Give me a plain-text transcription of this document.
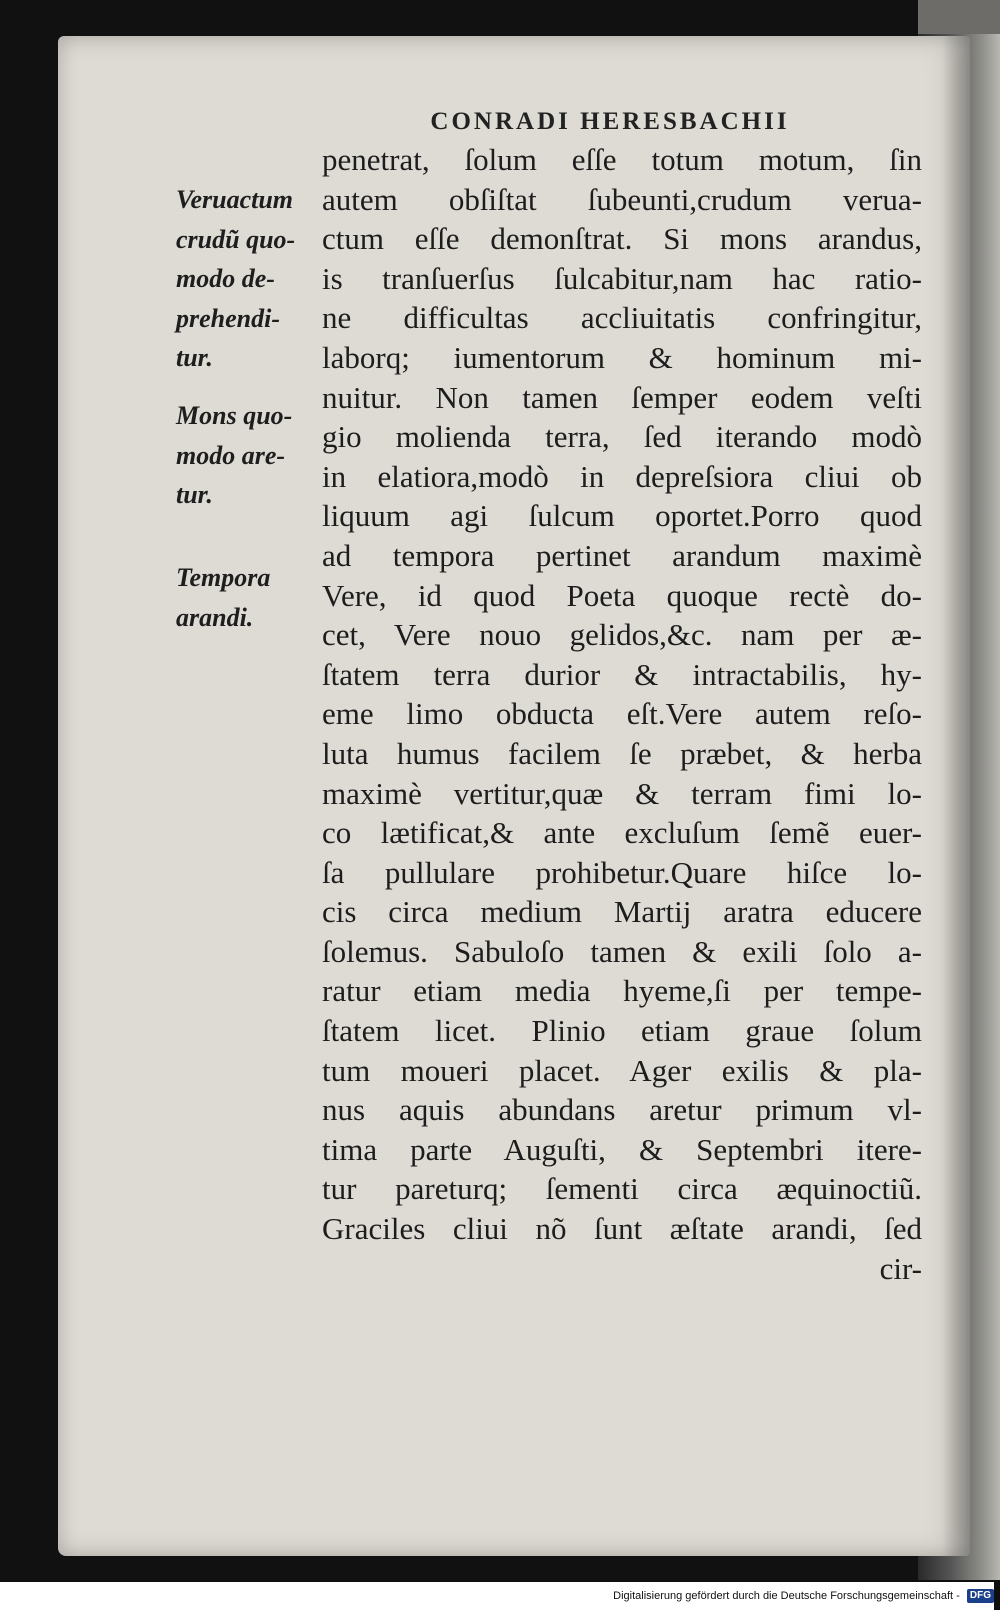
CONRADI HERESBACHII
penetrat, ſolum eſſe totum motum, ſin
autem obſiſtat ſubeunti,crudum verua-
ctum eſſe demonſtrat. Si mons arandus,
is tranſuerſus ſulcabitur,nam hac ratio-
ne difficultas accliuitatis confringitur,
laborq; iumentorum & hominum mi-
nuitur. Non tamen ſemper eodem veſti
gio molienda terra, ſed iterando modò
in elatiora,modò in depreſsiora cliui ob
liquum agi ſulcum oportet.Porro quod
ad tempora pertinet arandum maximè
Vere, id quod Poeta quoque rectè do-
cet, Vere nouo gelidos,&c. nam per æ-
ſtatem terra durior & intractabilis, hy-
eme limo obducta eſt.Vere autem reſo-
luta humus facilem ſe præbet, & herba
maximè vertitur,quæ & terram fimi lo-
co lætificat,& ante excluſum ſemẽ euer-
ſa pullulare prohibetur.Quare hiſce lo-
cis circa medium Martij aratra educere
ſolemus. Sabuloſo tamen & exili ſolo a-
ratur etiam media hyeme,ſi per tempe-
ſtatem licet. Plinio etiam graue ſolum
tum moueri placet. Ager exilis & pla-
nus aquis abundans aretur primum vl-
tima parte Auguſti, & Septembri itere-
tur pareturq; ſementi circa æquinoctiũ.
Graciles cliui nõ ſunt æſtate arandi, ſed
cir-
Veruactum
crudũ quo-
modo de-
prehendi-
tur.
Mons quo-
modo are-
tur.
Tempora
arandi.
Digitalisierung gefördert durch die Deutsche Forschungsgemeinschaft - DFG
